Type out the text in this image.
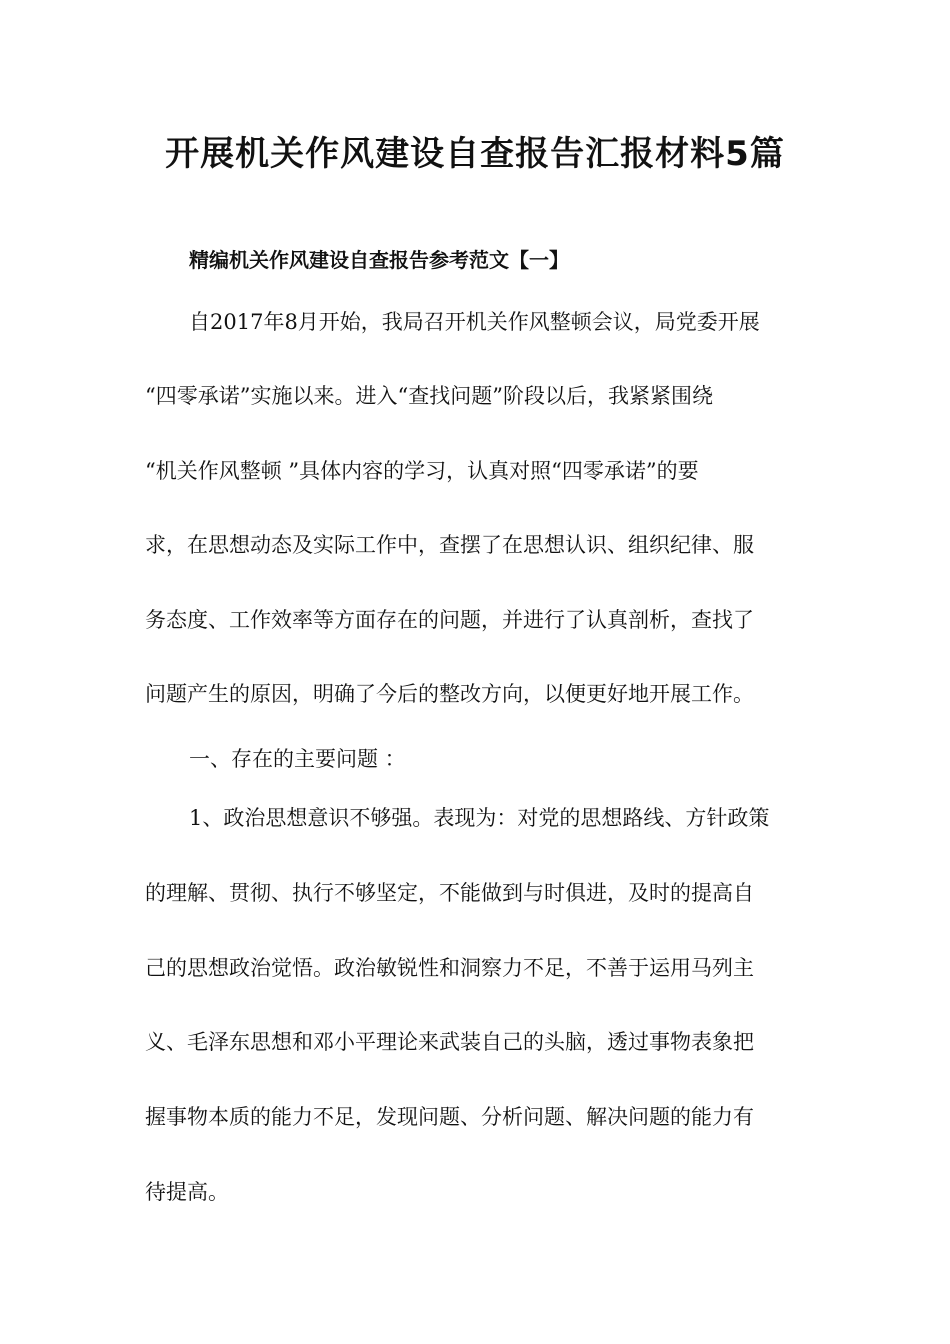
开展机关作风建设自查报告汇报材料5篇
精编机关作风建设自查报告参考范文【一】
自2017年8月开始，我局召开机关作风整顿会议，局党委开展
“四零承诺”实施以来。进入“查找问题”阶段以后，我紧紧围绕
“机关作风整顿 ”具体内容的学习，认真对照“四零承诺”的要
求，在思想动态及实际工作中，查摆了在思想认识、组织纪律、服
务态度、工作效率等方面存在的问题，并进行了认真剖析，查找了
问题产生的原因，明确了今后的整改方向，以便更好地开展工作。
一、存在的主要问题 ：
1、政治思想意识不够强。表现为：对党的思想路线、方针政策
的理解、贯彻、执行不够坚定，不能做到与时俱进，及时的提高自
己的思想政治觉悟。政治敏锐性和洞察力不足，不善于运用马列主
义、毛泽东思想和邓小平理论来武装自己的头脑，透过事物表象把
握事物本质的能力不足，发现问题、分析问题、解决问题的能力有
待提高。
